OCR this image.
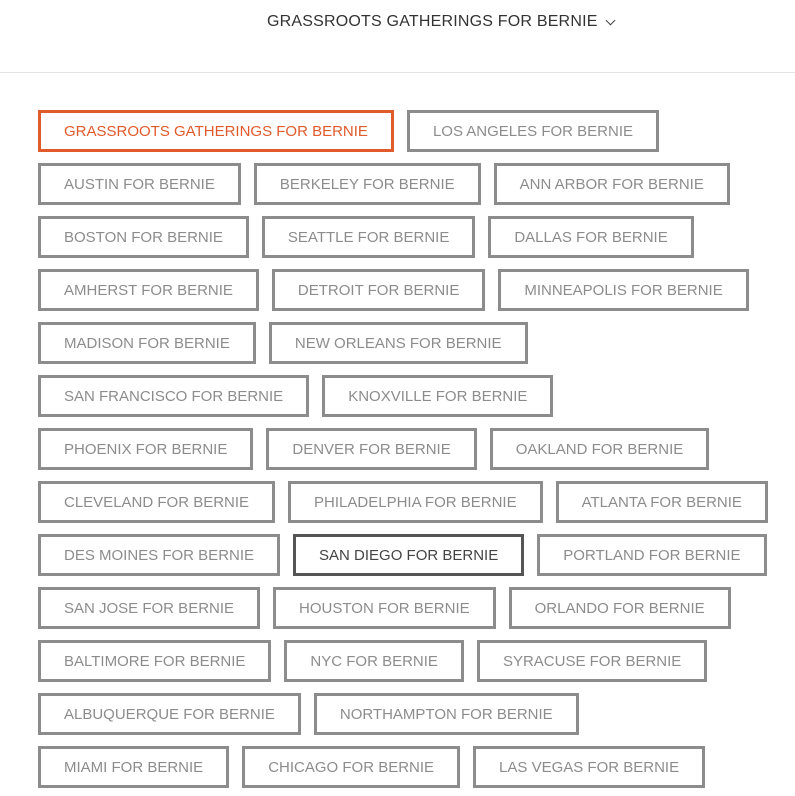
GRASSROOTS GATHERINGS FOR BERNIE
GRASSROOTS GATHERINGS FOR BERNIE	LOS ANGELES FOR BERNIE
AUSTIN FOR BERNIE	BERKELEY FOR BERNIE	ANN ARBOR FOR BERNIE
BOSTON FOR BERNIE	SEATTLE FOR BERNIE	DALLAS FOR BERNIE
AMHERST FOR BERNIE	DETROIT FOR BERNIE	MINNEAPOLIS FOR BERNIE
MADISON FOR BERNIE	NEW ORLEANS FOR BERNIE
SAN FRANCISCO FOR BERNIE	KNOXVILLE FOR BERNIE
PHOENIX FOR BERNIE	DENVER FOR BERNIE	OAKLAND FOR BERNIE
CLEVELAND FOR BERNIE	PHILADELPHIA FOR BERNIE	ATLANTA FOR BERNIE
DES MOINES FOR BERNIE	SAN DIEGO FOR BERNIE	PORTLAND FOR BERNIE
SAN JOSE FOR BERNIE	HOUSTON FOR BERNIE	ORLANDO FOR BERNIE
BALTIMORE FOR BERNIE	NYC FOR BERNIE	SYRACUSE FOR BERNIE
ALBUQUERQUE FOR BERNIE	NORTHAMPTON FOR BERNIE
MIAMI FOR BERNIE	CHICAGO FOR BERNIE	LAS VEGAS FOR BERNIE
